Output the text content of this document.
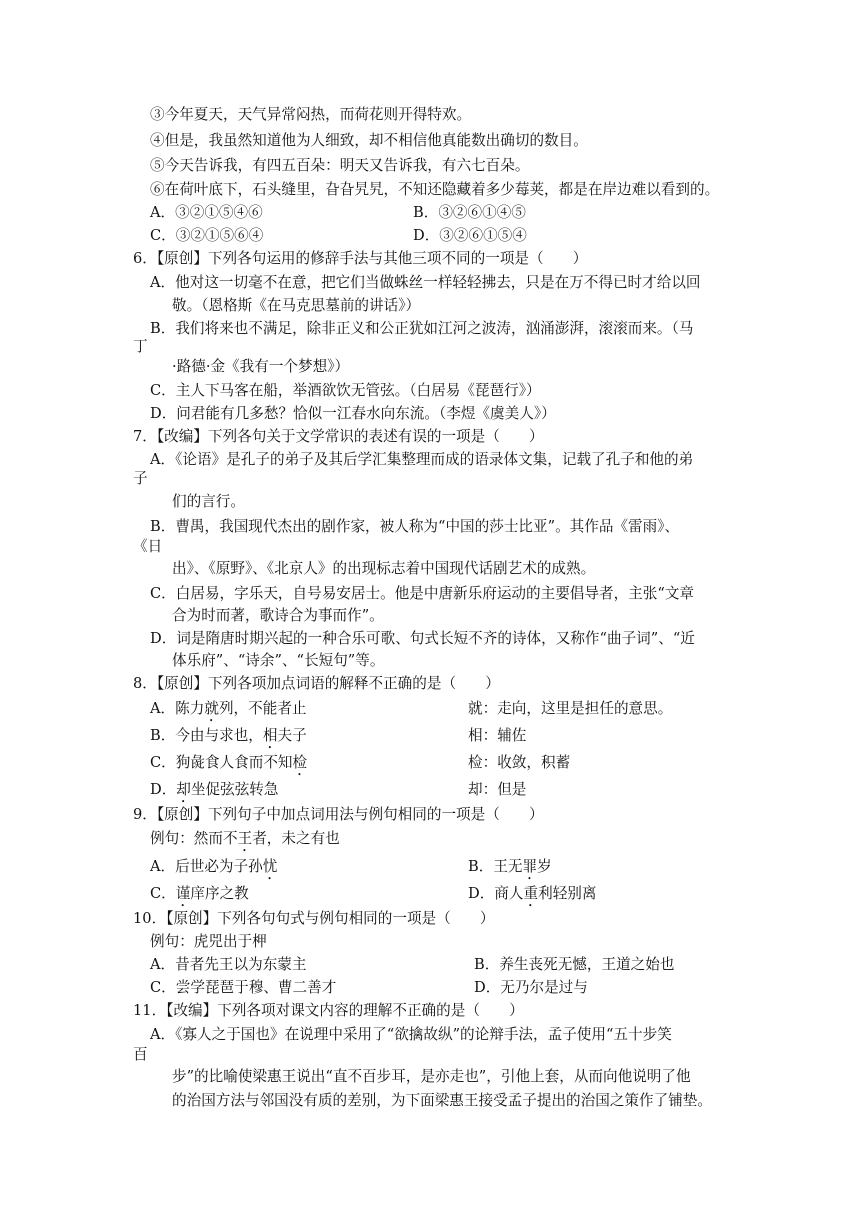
③今年夏天，天气异常闷热，而荷花则开得特欢。
④但是，我虽然知道他为人细致，却不相信他真能数出确切的数目。
⑤今天告诉我，有四五百朵：明天又告诉我，有六七百朵。
⑥在荷叶底下，石头缝里，旮旮旯旯，不知还隐藏着多少莓荚，都是在岸边难以看到的。
A．③②①⑤④⑥	B．③②⑥①④⑤
C．③②①⑤⑥④	D．③②⑥①⑤④
6．【原创】下列各句运用的修辞手法与其他三项不同的一项是（　　）
A．他对这一切毫不在意，把它们当做蛛丝一样轻轻拂去，只是在万不得已时才给以回
敬。（恩格斯《在马克思墓前的讲话》）
B．我们将来也不满足，除非正义和公正犹如江河之波涛，汹涌澎湃，滚滚而来。（马
丁
·路德·金《我有一个梦想》）
C．主人下马客在船，举酒欲饮无管弦。（白居易《琵琶行》）
D．问君能有几多愁？恰似一江春水向东流。（李煜《虞美人》）
7．【改编】下列各句关于文学常识的表述有误的一项是（　　）
A．《论语》是孔子的弟子及其后学汇集整理而成的语录体文集，记载了孔子和他的弟
子
们的言行。
B．曹禺，我国现代杰出的剧作家，被人称为“中国的莎士比亚”。其作品《雷雨》、
《日
出》、《原野》、《北京人》的出现标志着中国现代话剧艺术的成熟。
C．白居易，字乐天，自号易安居士。他是中唐新乐府运动的主要倡导者，主张“文章
合为时而著，歌诗合为事而作”。
D．词是隋唐时期兴起的一种合乐可歌、句式长短不齐的诗体，又称作“曲子词”、“近
体乐府”、“诗余”、“长短句”等。
8．【原创】下列各项加点词语的解释不正确的是（　　）
A．陈力就列，不能者止	就：走向，这里是担任的意思。
B．今由与求也，相夫子	相：辅佐
C．狗彘食人食而不知检	检：收敛，积蓄
D．却坐促弦弦转急	却：但是
9．【原创】下列句子中加点词用法与例句相同的一项是（　　）
例句：然而不王者，未之有也
A．后世必为子孙忧	B．王无罪岁
C．谨庠序之教	D．商人重利轻别离
10．【原创】下列各句句式与例句相同的一项是（　　）
例句：虎兕出于柙
A．昔者先王以为东蒙主	B．养生丧死无憾，王道之始也
C．尝学琵琶于穆、曹二善才	D．无乃尔是过与
11．【改编】下列各项对课文内容的理解不正确的是（　　）
A．《寡人之于国也》在说理中采用了“欲擒故纵”的论辩手法，孟子使用“五十步笑
百
步”的比喻使梁惠王说出“直不百步耳，是亦走也”，引他上套，从而向他说明了他
的治国方法与邻国没有质的差别，为下面梁惠王接受孟子提出的治国之策作了铺垫。
